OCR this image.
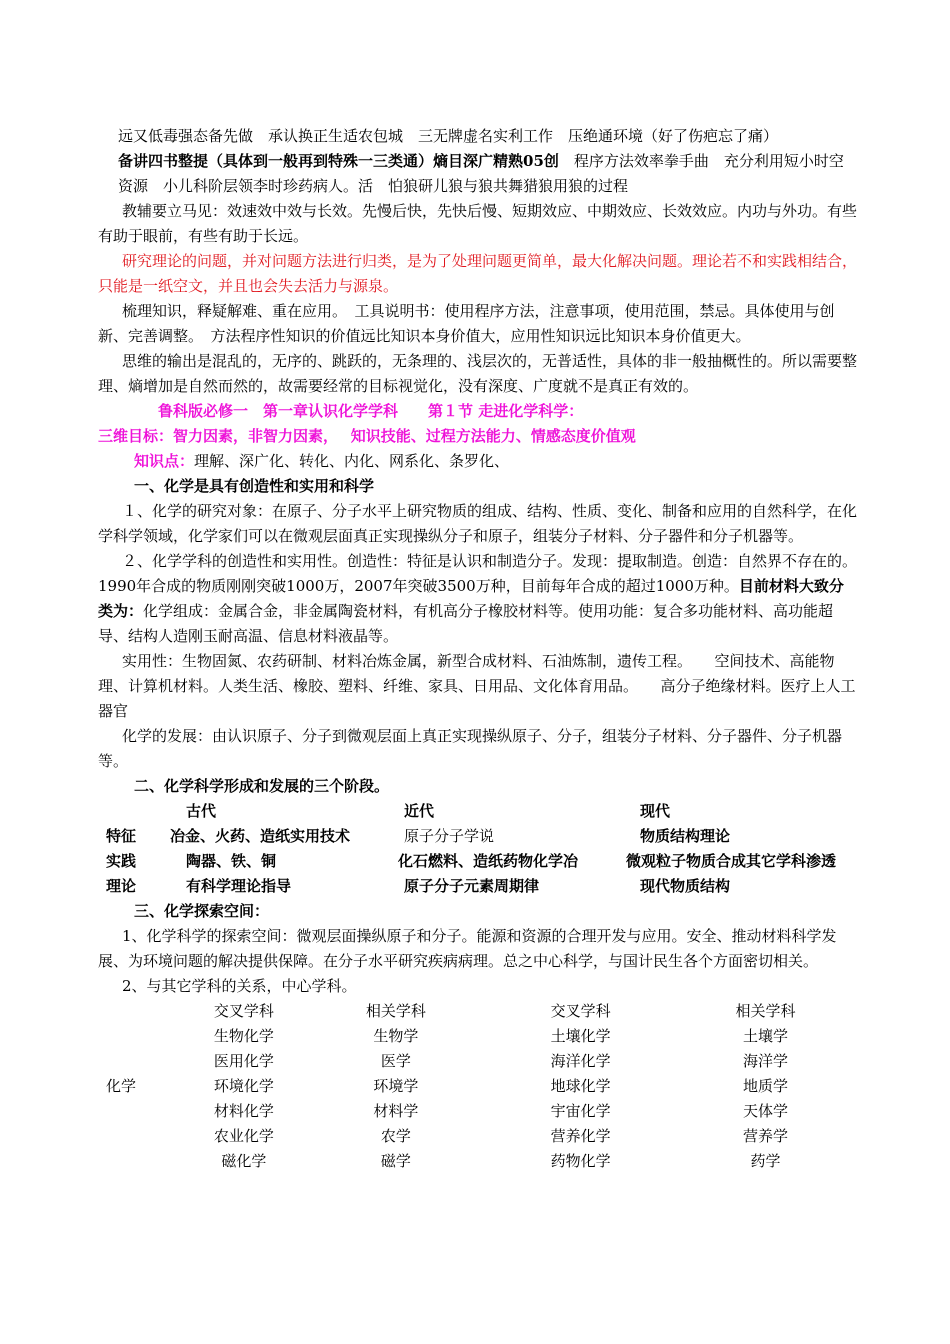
远又低毒强态备先做　承认换正生适农包城　三无牌虚名实利工作　压绝通环境（好了伤疤忘了痛）

备讲四书整提（具体到一般再到特殊一三类通）熵目深广精熟05创　程序方法效率拳手曲　充分利用短小时空资源　小儿科阶层领李时珍药病人。活　怕狼研儿狼与狼共舞猎狼用狼的过程

教辅要立马见：效速效中效与长效。先慢后快，先快后慢、短期效应、中期效应、长效效应。内功与外功。有些有助于眼前，有些有助于长远。

研究理论的问题，并对问题方法进行归类，是为了处理问题更简单，最大化解决问题。理论若不和实践相结合，只能是一纸空文，并且也会失去活力与源泉。

梳理知识，释疑解难、重在应用。　工具说明书：使用程序方法，注意事项，使用范围，禁忌。具体使用与创新、完善调整。　方法程序性知识的价值远比知识本身价值大，应用性知识远比知识本身价值更大。

思维的输出是混乱的，无序的、跳跃的，无条理的、浅层次的，无普适性，具体的非一般抽概性的。所以需要整理、熵增加是自然而然的，故需要经常的目标视觉化，没有深度、广度就不是真正有效的。

鲁科版必修一　第一章认识化学学科　　第１节 走进化学科学：

三维目标：智力因素，非智力因素，　 知识技能、过程方法能力、情感态度价值观

知识点：理解、深广化、转化、内化、网系化、条罗化、

一、化学是具有创造性和实用和科学

１、化学的研究对象：在原子、分子水平上研究物质的组成、结构、性质、变化、制备和应用的自然科学，在化学科学领域，化学家们可以在微观层面真正实现操纵分子和原子，组装分子材料、分子器件和分子机器等。

２、化学学科的创造性和实用性。创造性：特征是认识和制造分子。发现：提取制造。创造：自然界不存在的。1990年合成的物质刚刚突破1000万，2007年突破3500万种，目前每年合成的超过1000万种。目前材料大致分类为：化学组成：金属合金，非金属陶瓷材料，有机高分子橡胶材料等。使用功能：复合多功能材料、高功能超导、结构人造刚玉耐高温、信息材料液晶等。

实用性：生物固氮、农药研制、材料冶炼金属，新型合成材料、石油炼制，遗传工程。　　空间技术、高能物理、计算机材料。人类生活、橡胶、塑料、纤维、家具、日用品、文化体育用品。　　高分子绝缘材料。医疗上人工器官

化学的发展：由认识原子、分子到微观层面上真正实现操纵原子、分子，组装分子材料、分子器件、分子机器等。

二、化学科学形成和发展的三个阶段。

	古代	近代	现代
特征	冶金、火药、造纸实用技术	原子分子学说	物质结构理论
实践	陶器、铁、铜	化石燃料、造纸药物化学冶	微观粒子物质合成其它学科渗透
理论	有科学理论指导	原子分子元素周期律	现代物质结构

三、化学探索空间：

1、化学科学的探索空间：微观层面操纵原子和分子。能源和资源的合理开发与应用。安全、推动材料科学发展、为环境问题的解决提供保障。在分子水平研究疾病病理。总之中心科学，与国计民生各个方面密切相关。

2、与其它学科的关系，中心学科。

	交叉学科	相关学科	交叉学科	相关学科
	生物化学	生物学	土壤化学	土壤学
	医用化学	医学	海洋化学	海洋学
化学	环境化学	环境学	地球化学	地质学
	材料化学	材料学	宇宙化学	天体学
	农业化学	农学	营养化学	营养学
	磁化学	磁学	药物化学	药学
